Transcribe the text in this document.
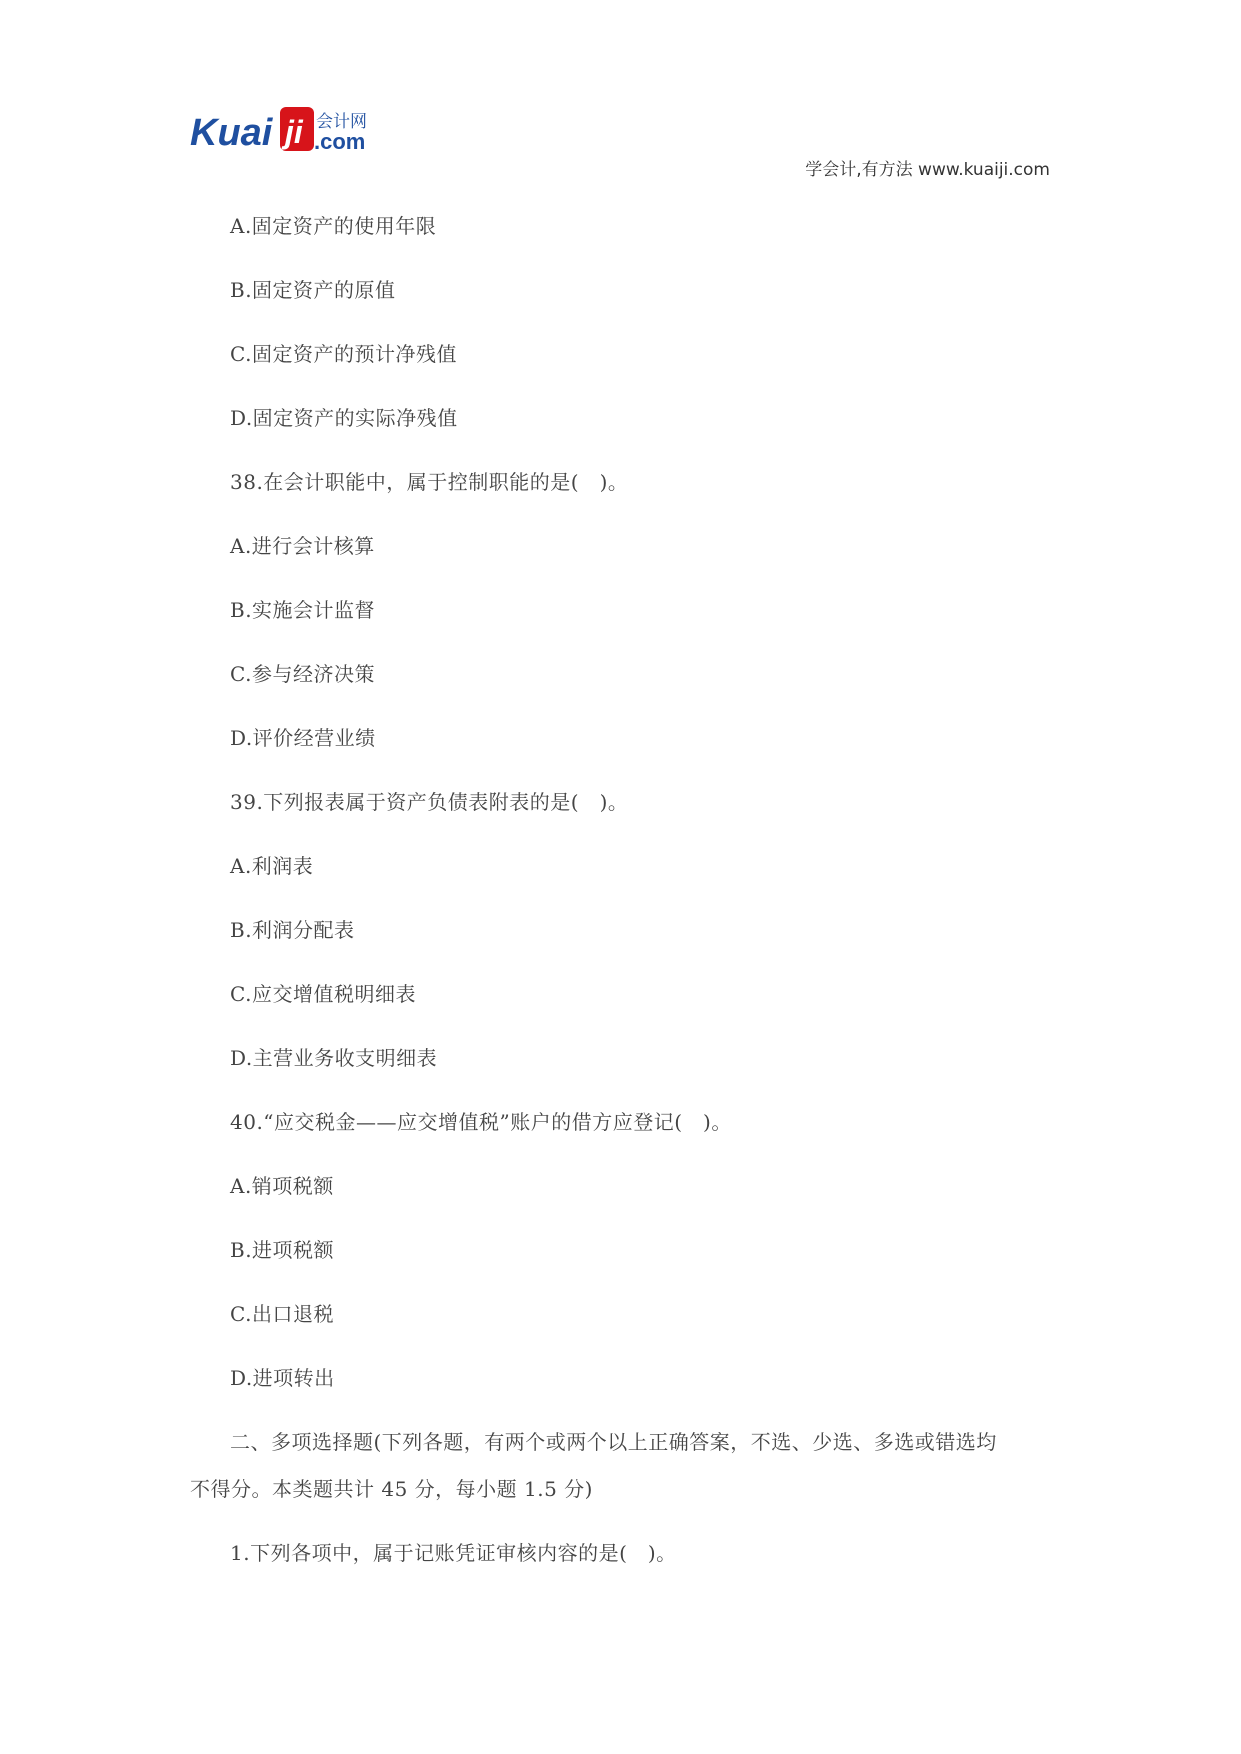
Kuai ji 会计网
.com
学会计,有方法 www.kuaiji.com
A.固定资产的使用年限
B.固定资产的原值
C.固定资产的预计净残值
D.固定资产的实际净残值
38.在会计职能中，属于控制职能的是(　)。
A.进行会计核算
B.实施会计监督
C.参与经济决策
D.评价经营业绩
39.下列报表属于资产负债表附表的是(　)。
A.利润表
B.利润分配表
C.应交增值税明细表
D.主营业务收支明细表
40.“应交税金——应交增值税”账户的借方应登记(　)。
A.销项税额
B.进项税额
C.出口退税
D.进项转出
二、多项选择题(下列各题，有两个或两个以上正确答案，不选、少选、多选或错选均
不得分。本类题共计 45 分，每小题 1.5 分)
1.下列各项中，属于记账凭证审核内容的是(　)。
